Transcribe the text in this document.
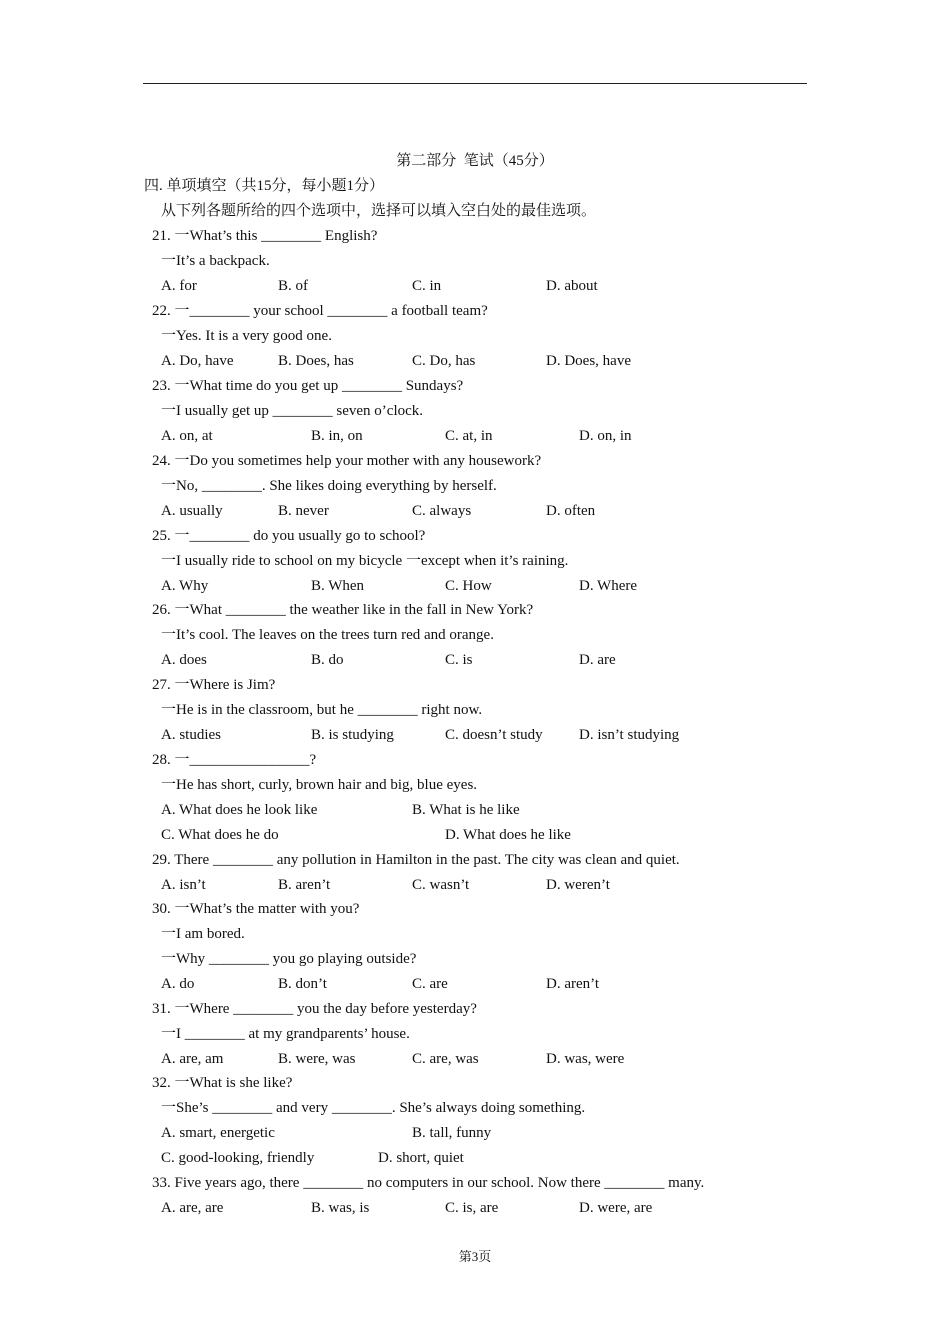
第二部分  笔试（45分）
四. 单项填空（共15分，每小题1分）
从下列各题所给的四个选项中，选择可以填入空白处的最佳选项。
21. 一What’s this ________ English?
一It’s a backpack.
A. for	B. of	C. in	D. about
22. 一________ your school ________ a football team?
一Yes. It is a very good one.
A. Do, have	B. Does, has	C. Do, has	D. Does, have
23. 一What time do you get up ________ Sundays?
一I usually get up ________ seven o’clock.
A. on, at	B. in, on	C. at, in	D. on, in
24. 一Do you sometimes help your mother with any housework?
一No, ________. She likes doing everything by herself.
A. usually	B. never	C. always	D. often
25. 一________ do you usually go to school?
一I usually ride to school on my bicycle 一except when it’s raining.
A. Why	B. When	C. How	D. Where
26. 一What ________ the weather like in the fall in New York?
一It’s cool. The leaves on the trees turn red and orange.
A. does	B. do	C. is	D. are
27. 一Where is Jim?
一He is in the classroom, but he ________ right now.
A. studies	B. is studying	C. doesn’t study D. isn’t studying
28. 一________________?
一He has short, curly, brown hair and big, blue eyes.
A. What does he look like	B. What is he like
C. What does he do	D. What does he like
29. There ________ any pollution in Hamilton in the past. The city was clean and quiet.
A. isn’t	B. aren’t	C. wasn’t	D. weren’t
30. 一What’s the matter with you?
一I am bored.
一Why ________ you go playing outside?
A. do	B. don’t	C. are	D. aren’t
31. 一Where ________ you the day before yesterday?
一I ________ at my grandparents’ house.
A. are, am	B. were, was	C. are, was	D. was, were
32. 一What is she like?
一She’s ________ and very ________. She’s always doing something.
A. smart, energetic	B. tall, funny
C. good-looking, friendly	D. short, quiet
33. Five years ago, there ________ no computers in our school. Now there ________ many.
A. are, are	B. was, is	C. is, are	D. were, are
第3页
